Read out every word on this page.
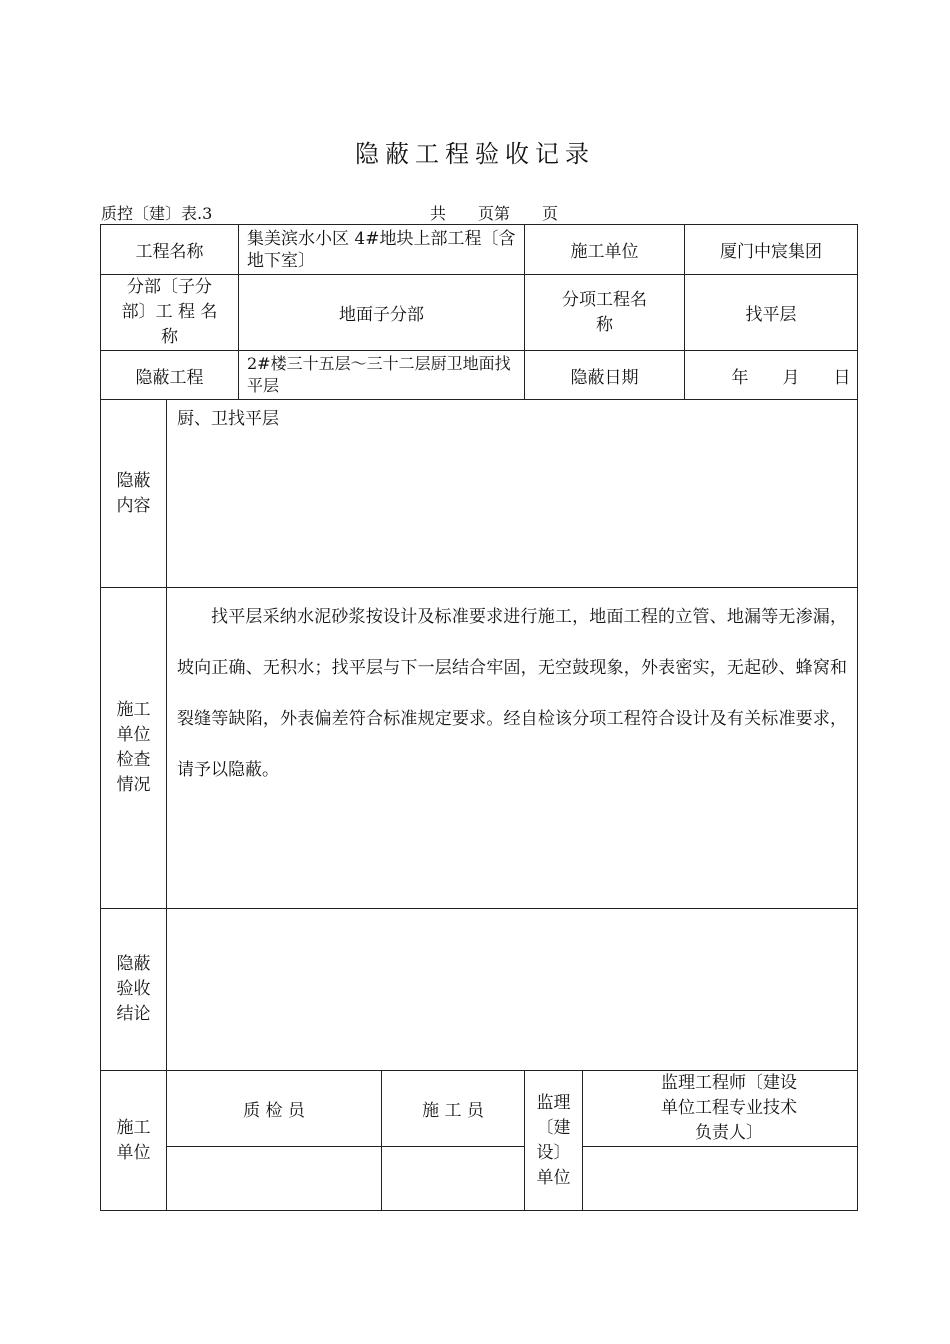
隐蔽工程验收记录
质控〔建〕表.3	共　　页第　　页
工程名称		集美滨水小区 4#地块上部工程〔含地下室〕		施工单位		厦门中宸集团
分部〔子分部〕工 程 名 称		地面子分部		分项工程名　　称		找平层
隐蔽工程		2#楼三十五层～三十二层厨卫地面找平层		隐蔽日期		年　　月　　日
隐蔽内容	厨、卫找平层					
施工单位检查情况	找平层采纳水泥砂浆按设计及标准要求进行施工，地面工程的立管、地漏等无渗漏，坡向正确、无积水；找平层与下一层结合牢固，无空鼓现象，外表密实，无起砂、蜂窝和裂缝等缺陷，外表偏差符合标准规定要求。经自检该分项工程符合设计及有关标准要求，请予以隐蔽。					

隐蔽验收结论						
施工单位	质 检 员		施 工 员	监理〔建设〕单位	监理工程师〔建设单位工程专业技术负责人〕	
